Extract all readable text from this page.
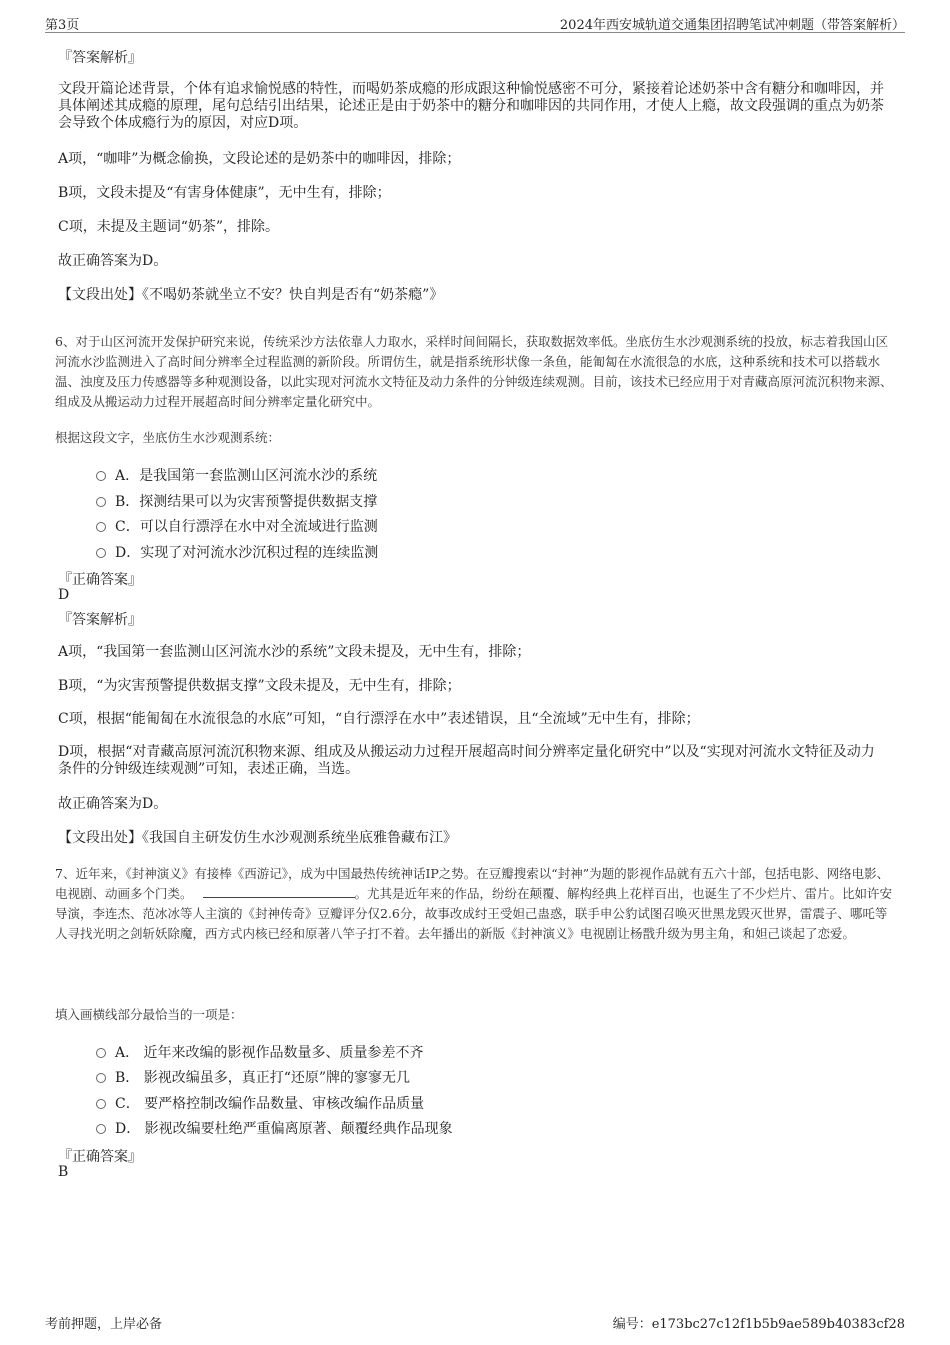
第3页	2024年西安城轨道交通集团招聘笔试冲刺题（带答案解析）
『答案解析』
文段开篇论述背景，个体有追求愉悦感的特性，而喝奶茶成瘾的形成跟这种愉悦感密不可分，紧接着论述奶茶中含有糖分和咖啡因，并具体阐述其成瘾的原理，尾句总结引出结果，论述正是由于奶茶中的糖分和咖啡因的共同作用，才使人上瘾，故文段强调的重点为奶茶会导致个体成瘾行为的原因，对应D项。
A项，“咖啡”为概念偷换，文段论述的是奶茶中的咖啡因，排除；
B项，文段未提及“有害身体健康”，无中生有，排除；
C项，未提及主题词“奶茶”，排除。
故正确答案为D。
【文段出处】《不喝奶茶就坐立不安？快自判是否有“奶茶瘾”》
6、对于山区河流开发保护研究来说，传统采沙方法依靠人力取水，采样时间间隔长，获取数据效率低。坐底仿生水沙观测系统的投放，标志着我国山区河流水沙监测进入了高时间分辨率全过程监测的新阶段。所谓仿生，就是指系统形状像一条鱼，能匍匐在水流很急的水底，这种系统和技术可以搭载水温、浊度及压力传感器等多种观测设备，以此实现对河流水文特征及动力条件的分钟级连续观测。目前，该技术已经应用于对青藏高原河流沉积物来源、组成及从搬运动力过程开展超高时间分辨率定量化研究中。
根据这段文字，坐底仿生水沙观测系统：
A．是我国第一套监测山区河流水沙的系统
B．探测结果可以为灾害预警提供数据支撑
C．可以自行漂浮在水中对全流域进行监测
D．实现了对河流水沙沉积过程的连续监测
『正确答案』
D
『答案解析』
A项，“我国第一套监测山区河流水沙的系统”文段未提及，无中生有，排除；
B项，“为灾害预警提供数据支撑”文段未提及，无中生有，排除；
C项，根据“能匍匐在水流很急的水底”可知，“自行漂浮在水中”表述错误，且“全流域”无中生有，排除；
D项，根据“对青藏高原河流沉积物来源、组成及从搬运动力过程开展超高时间分辨率定量化研究中”以及“实现对河流水文特征及动力条件的分钟级连续观测”可知，表述正确，当选。
故正确答案为D。
【文段出处】《我国自主研发仿生水沙观测系统坐底雅鲁藏布江》
7、近年来，《封神演义》有接棒《西游记》，成为中国最热传统神话IP之势。在豆瓣搜索以“封神”为题的影视作品就有五六十部，包括电影、网络电影、电视剧、动画多个门类。	。尤其是近年来的作品，纷纷在颠覆、解构经典上花样百出，也诞生了不少烂片、雷片。比如许安导演，李连杰、范冰冰等人主演的《封神传奇》豆瓣评分仅2.6分，故事改成纣王受妲己蛊惑，联手申公豹试图召唤灭世黑龙毁灭世界，雷震子、哪吒等人寻找光明之剑斩妖除魔，西方式内核已经和原著八竿子打不着。去年播出的新版《封神演义》电视剧让杨戬升级为男主角，和妲己谈起了恋爱。
填入画横线部分最恰当的一项是：
A． 近年来改编的影视作品数量多、质量参差不齐
B． 影视改编虽多，真正打“还原”牌的寥寥无几
C． 要严格控制改编作品数量、审核改编作品质量
D． 影视改编要杜绝严重偏离原著、颠覆经典作品现象
『正确答案』
B
考前押题，上岸必备	编号：e173bc27c12f1b5b9ae589b40383cf28
